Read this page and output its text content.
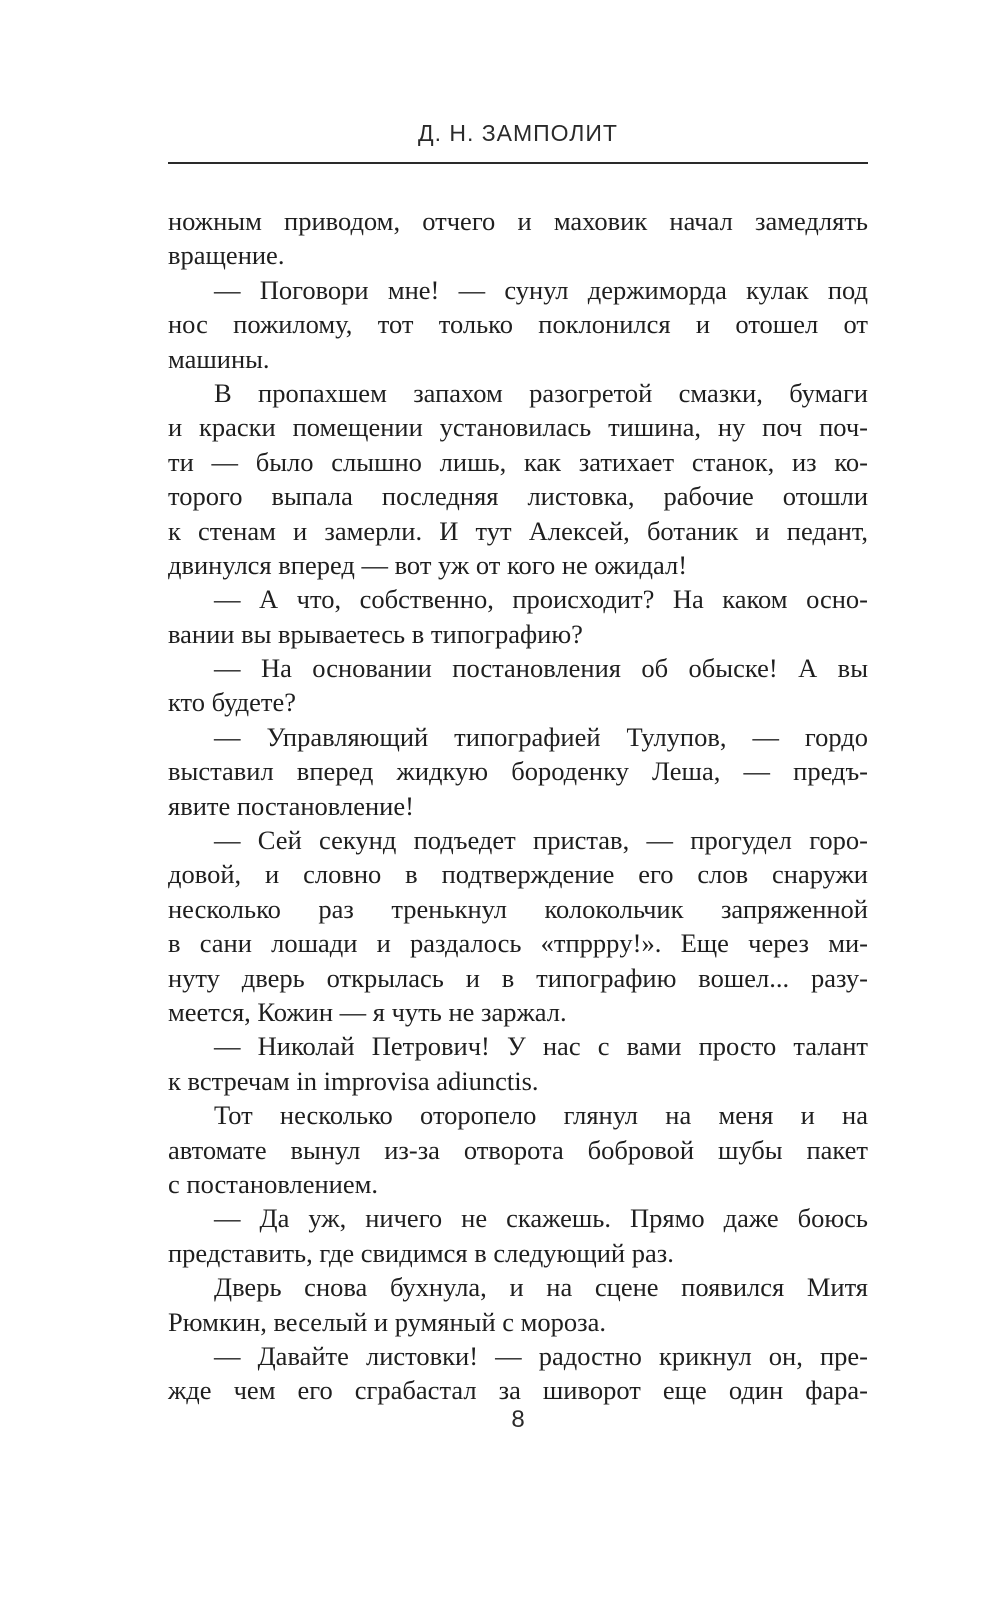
Д. Н. ЗАМПОЛИТ
ножным приводом, отчего и маховик начал замедлять
вращение.
— Поговори мне! — сунул держиморда кулак под
нос пожилому, тот только поклонился и отошел от
машины.
В пропахшем запахом разогретой смазки, бумаги
и краски помещении установилась тишина, ну поч поч-
ти — было слышно лишь, как затихает станок, из ко-
торого выпала последняя листовка, рабочие отошли
к стенам и замерли. И тут Алексей, ботаник и педант,
двинулся вперед — вот уж от кого не ожидал!
— А что, собственно, происходит? На каком осно-
вании вы врываетесь в типографию?
— На основании постановления об обыске! А вы
кто будете?
— Управляющий типографией Тулупов, — гордо
выставил вперед жидкую бороденку Леша, — предъ-
явите постановление!
— Сей секунд подъедет пристав, — прогудел горо-
довой, и словно в подтверждение его слов снаружи
несколько раз тренькнул колокольчик запряженной
в сани лошади и раздалось «тпрppy!». Еще через ми-
нуту дверь открылась и в типографию вошел... разу-
меется, Кожин — я чуть не заржал.
— Николай Петрович! У нас с вами просто талант
к встречам in improvisa adiunctis.
Тот несколько оторопело глянул на меня и на
автомате вынул из-за отворота бобровой шубы пакет
с постановлением.
— Да уж, ничего не скажешь. Прямо даже боюсь
представить, где свидимся в следующий раз.
Дверь снова бухнула, и на сцене появился Митя
Рюмкин, веселый и румяный с мороза.
— Давайте листовки! — радостно крикнул он, пре-
жде чем его сграбастал за шиворот еще один фара-
8
